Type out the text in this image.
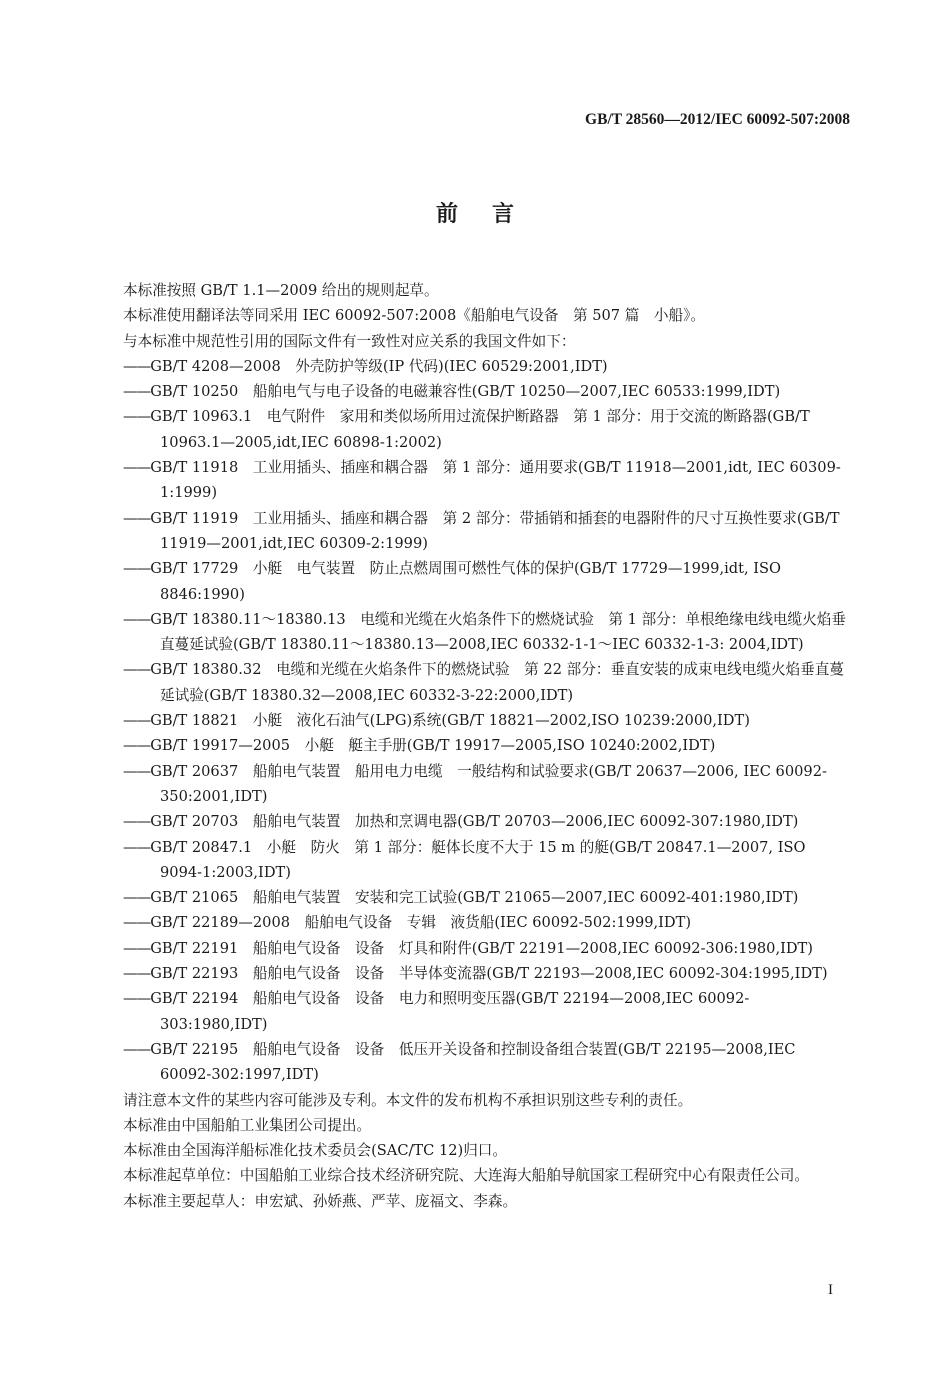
GB/T 28560—2012/IEC 60092-507:2008
前言

本标准按照 GB/T 1.1—2009 给出的规则起草。

本标准使用翻译法等同采用 IEC 60092-507:2008《船舶电气设备　第 507 篇　小船》。

与本标准中规范性引用的国际文件有一致性对应关系的我国文件如下：

——GB/T 4208—2008　外壳防护等级(IP 代码)(IEC 60529:2001,IDT)

——GB/T 10250　船舶电气与电子设备的电磁兼容性(GB/T 10250—2007,IEC 60533:1999,IDT)

——GB/T 10963.1　电气附件　家用和类似场所用过流保护断路器　第 1 部分：用于交流的断路器(GB/T 10963.1—2005,idt,IEC 60898-1:2002)

——GB/T 11918　工业用插头、插座和耦合器　第 1 部分：通用要求(GB/T 11918—2001,idt, IEC 60309-1:1999)

——GB/T 11919　工业用插头、插座和耦合器　第 2 部分：带插销和插套的电器附件的尺寸互换性要求(GB/T 11919—2001,idt,IEC 60309-2:1999)

——GB/T 17729　小艇　电气装置　防止点燃周围可燃性气体的保护(GB/T 17729—1999,idt, ISO 8846:1990)

——GB/T 18380.11～18380.13　电缆和光缆在火焰条件下的燃烧试验　第 1 部分：单根绝缘电线电缆火焰垂直蔓延试验(GB/T 18380.11～18380.13—2008,IEC 60332-1-1～IEC 60332-1-3: 2004,IDT)

——GB/T 18380.32　电缆和光缆在火焰条件下的燃烧试验　第 22 部分：垂直安装的成束电线电缆火焰垂直蔓延试验(GB/T 18380.32—2008,IEC 60332-3-22:2000,IDT)

——GB/T 18821　小艇　液化石油气(LPG)系统(GB/T 18821—2002,ISO 10239:2000,IDT)

——GB/T 19917—2005　小艇　艇主手册(GB/T 19917—2005,ISO 10240:2002,IDT)

——GB/T 20637　船舶电气装置　船用电力电缆　一般结构和试验要求(GB/T 20637—2006, IEC 60092-350:2001,IDT)

——GB/T 20703　船舶电气装置　加热和烹调电器(GB/T 20703—2006,IEC 60092-307:1980,IDT)

——GB/T 20847.1　小艇　防火　第 1 部分：艇体长度不大于 15 m 的艇(GB/T 20847.1—2007, ISO 9094-1:2003,IDT)

——GB/T 21065　船舶电气装置　安装和完工试验(GB/T 21065—2007,IEC 60092-401:1980,IDT)

——GB/T 22189—2008　船舶电气设备　专辑　液货船(IEC 60092-502:1999,IDT)

——GB/T 22191　船舶电气设备　设备　灯具和附件(GB/T 22191—2008,IEC 60092-306:1980,IDT)

——GB/T 22193　船舶电气设备　设备　半导体变流器(GB/T 22193—2008,IEC 60092-304:1995,IDT)

——GB/T 22194　船舶电气设备　设备　电力和照明变压器(GB/T 22194—2008,IEC 60092-303:1980,IDT)

——GB/T 22195　船舶电气设备　设备　低压开关设备和控制设备组合装置(GB/T 22195—2008,IEC 60092-302:1997,IDT)

请注意本文件的某些内容可能涉及专利。本文件的发布机构不承担识别这些专利的责任。

本标准由中国船舶工业集团公司提出。

本标准由全国海洋船标准化技术委员会(SAC/TC 12)归口。

本标准起草单位：中国船舶工业综合技术经济研究院、大连海大船舶导航国家工程研究中心有限责任公司。

本标准主要起草人：申宏斌、孙娇燕、严苹、庞福文、李森。

I
